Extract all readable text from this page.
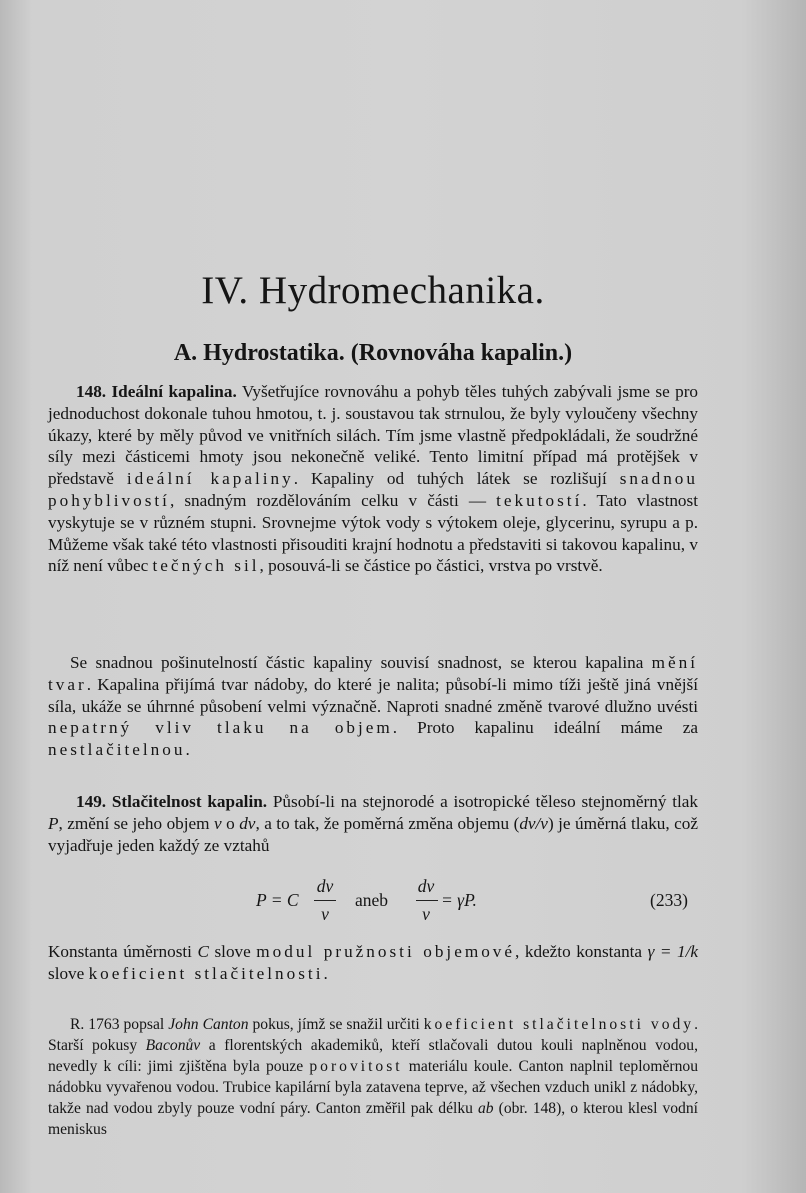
IV. Hydromechanika.
A. Hydrostatika. (Rovnováha kapalin.)

148. Ideální kapalina. Vyšetřujíce rovnováhu a pohyb těles tuhých zabývali jsme se pro jednoduchost dokonale tuhou hmotou, t. j. soustavou tak strnulou, že byly vyloučeny všechny úkazy, které by měly původ ve vnitřních silách. Tím jsme vlastně předpokládali, že soudržné síly mezi částicemi hmoty jsou nekonečně veliké. Tento limitní případ má protějšek v představě ideální kapaliny. Kapaliny od tuhých látek se rozlišují snadnou pohyblivostí, snadným rozdělováním celku v části — tekutostí. Tato vlastnost vyskytuje se v různém stupni. Srovnejme výtok vody s výtokem oleje, glycerinu, syrupu a p. Můžeme však také této vlastnosti přisouditi krajní hodnotu a představiti si takovou kapalinu, v níž není vůbec tečných sil, posouvá-li se částice po částici, vrstva po vrstvě.

Se snadnou pošinutelností částic kapaliny souvisí snadnost, se kterou kapalina mění tvar. Kapalina přijímá tvar nádoby, do které je nalita; působí-li mimo tíži ještě jiná vnější síla, ukáže se úhrnné působení velmi význačně. Naproti snadné změně tvarové dlužno uvésti nepatrný vliv tlaku na objem. Proto kapalinu ideální máme za nestlačitelnou.

149. Stlačitelnost kapalin. Působí-li na stejnorodé a isotropické těleso stejnoměrný tlak P, změní se jeho objem v o dv, a to tak, že poměrná změna objemu (dv/v) je úměrná tlaku, což vyjadřuje jeden každý ze vztahů

P = C
dv
v
aneb
dv
v
= γP.	(233)

Konstanta úměrnosti C slove modul pružnosti objemové, kdežto konstanta γ = 1/k slove koeficient stlačitelnosti.

R. 1763 popsal John Canton pokus, jímž se snažil určiti koeficient stlačitelnosti vody. Starší pokusy Baconův a florentských akademiků, kteří stlačovali dutou kouli naplněnou vodou, nevedly k cíli: jimi zjištěna byla pouze porovitost materiálu koule. Canton naplnil teploměrnou nádobku vyvařenou vodou. Trubice kapilární byla zatavena teprve, až všechen vzduch unikl z nádobky, takže nad vodou zbyly pouze vodní páry. Canton změřil pak délku ab (obr. 148), o kterou klesl vodní meniskus
